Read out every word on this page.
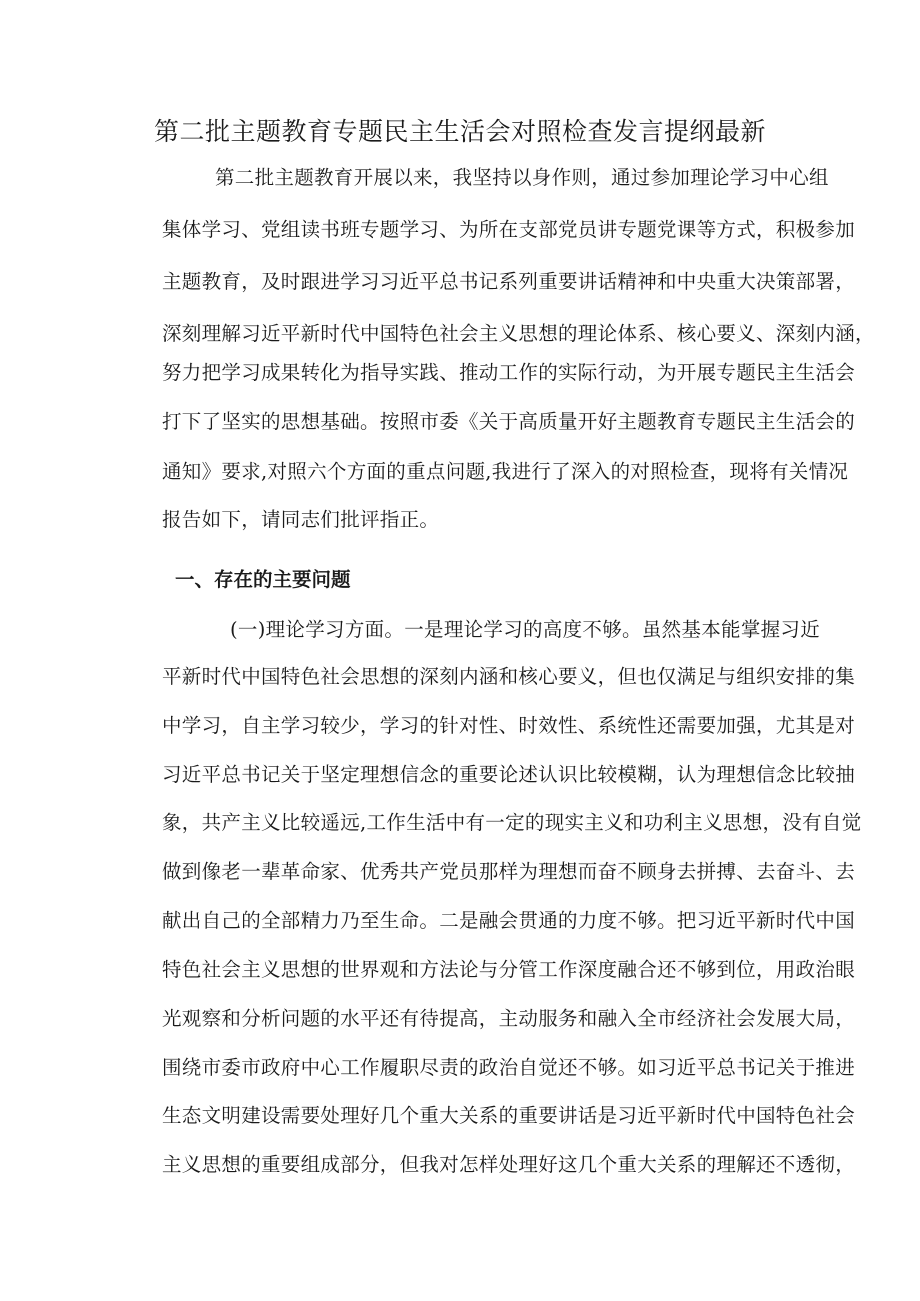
第二批主题教育专题民主生活会对照检查发言提纲最新
第二批主题教育开展以来，我坚持以身作则，通过参加理论学习中心组
集体学习、党组读书班专题学习、为所在支部党员讲专题党课等方式，积极参加
主题教育，及时跟进学习习近平总书记系列重要讲话精神和中央重大决策部署，
深刻理解习近平新时代中国特色社会主义思想的理论体系、核心要义、深刻内涵，
努力把学习成果转化为指导实践、推动工作的实际行动，为开展专题民主生活会
打下了坚实的思想基础。按照市委《关于高质量开好主题教育专题民主生活会的
通知》要求,对照六个方面的重点问题,我进行了深入的对照检查，现将有关情况
报告如下，请同志们批评指正。
一、存在的主要问题
(一)理论学习方面。一是理论学习的高度不够。虽然基本能掌握习近
平新时代中国特色社会思想的深刻内涵和核心要义，但也仅满足与组织安排的集
中学习，自主学习较少，学习的针对性、时效性、系统性还需要加强，尤其是对
习近平总书记关于坚定理想信念的重要论述认识比较模糊，认为理想信念比较抽
象，共产主义比较遥远,工作生活中有一定的现实主义和功利主义思想，没有自觉
做到像老一辈革命家、优秀共产党员那样为理想而奋不顾身去拼搏、去奋斗、去
献出自己的全部精力乃至生命。二是融会贯通的力度不够。把习近平新时代中国
特色社会主义思想的世界观和方法论与分管工作深度融合还不够到位，用政治眼
光观察和分析问题的水平还有待提高，主动服务和融入全市经济社会发展大局，
围绕市委市政府中心工作履职尽责的政治自觉还不够。如习近平总书记关于推进
生态文明建设需要处理好几个重大关系的重要讲话是习近平新时代中国特色社会
主义思想的重要组成部分，但我对怎样处理好这几个重大关系的理解还不透彻，
